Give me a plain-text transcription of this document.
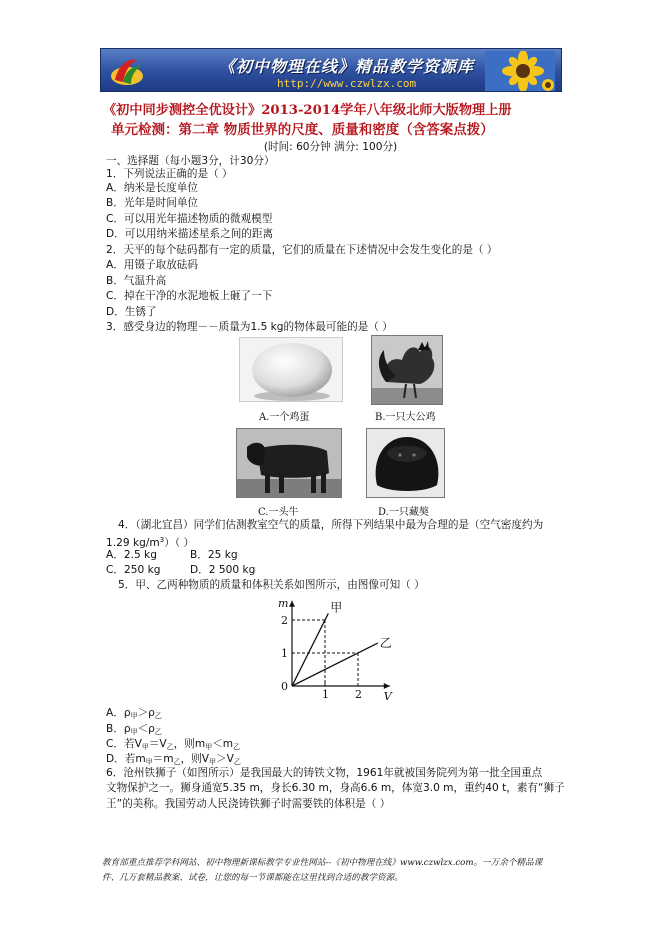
《初中物理在线》精品教学资源库
http://www.czwlzx.com
《初中同步测控全优设计》2013-2014学年八年级北师大版物理上册
单元检测：第二章 物质世界的尺度、质量和密度（含答案点拨）
(时间: 60分钟 满分: 100分)
一、选择题（每小题3分，计30分）
1．下列说法正确的是（ ）
A．纳米是长度单位
B．光年是时间单位
C．可以用光年描述物质的微观模型
D．可以用纳米描述星系之间的距离
2．天平的每个砝码都有一定的质量，它们的质量在下述情况中会发生变化的是（ ）
A．用镊子取放砝码
B．气温升高
C．掉在干净的水泥地板上砸了一下
D．生锈了
3．感受身边的物理－－质量为1.5 kg的物体最可能的是（ ）
A.一个鸡蛋	B.一只大公鸡
C.一头牛	D.一只藏獒
4．（湖北宜昌）同学们估测教室空气的质量，所得下列结果中最为合理的是（空气密度约为
1.29 $kg/m^3$）（ ）
A．2.5 kg	B．25 kg
C．250 kg	D．2 500 kg
5．甲、乙两种物质的质量和体积关系如图所示，由图像可知（ ）
1 2
1
2
0
m
V
甲
乙
A．$\rho_甲>\rho_乙$
B．$\rho_甲<\rho_乙$
C．若$V_甲=V_乙$，则$m_甲<m_乙$
D．若$m_甲=m_乙$，则$V_甲>V_乙$
6．沧州铁狮子（如图所示）是我国最大的铸铁文物，1961年就被国务院列为第一批全国重点
文物保护之一。狮身通宽5.35 m，身长6.30 m，身高6.6 m，体宽3.0 m，重约40 t，素有“狮子
王”的美称。我国劳动人民浇铸铁狮子时需要铁的体积是（ ）
教育部重点推荐学科网站、初中物理新课标教学专业性网站--《初中物理在线》www.czwlzx.com。一万余个精品课
件、几万套精品教案、试卷，让您的每一节课都能在这里找到合适的教学资源。
